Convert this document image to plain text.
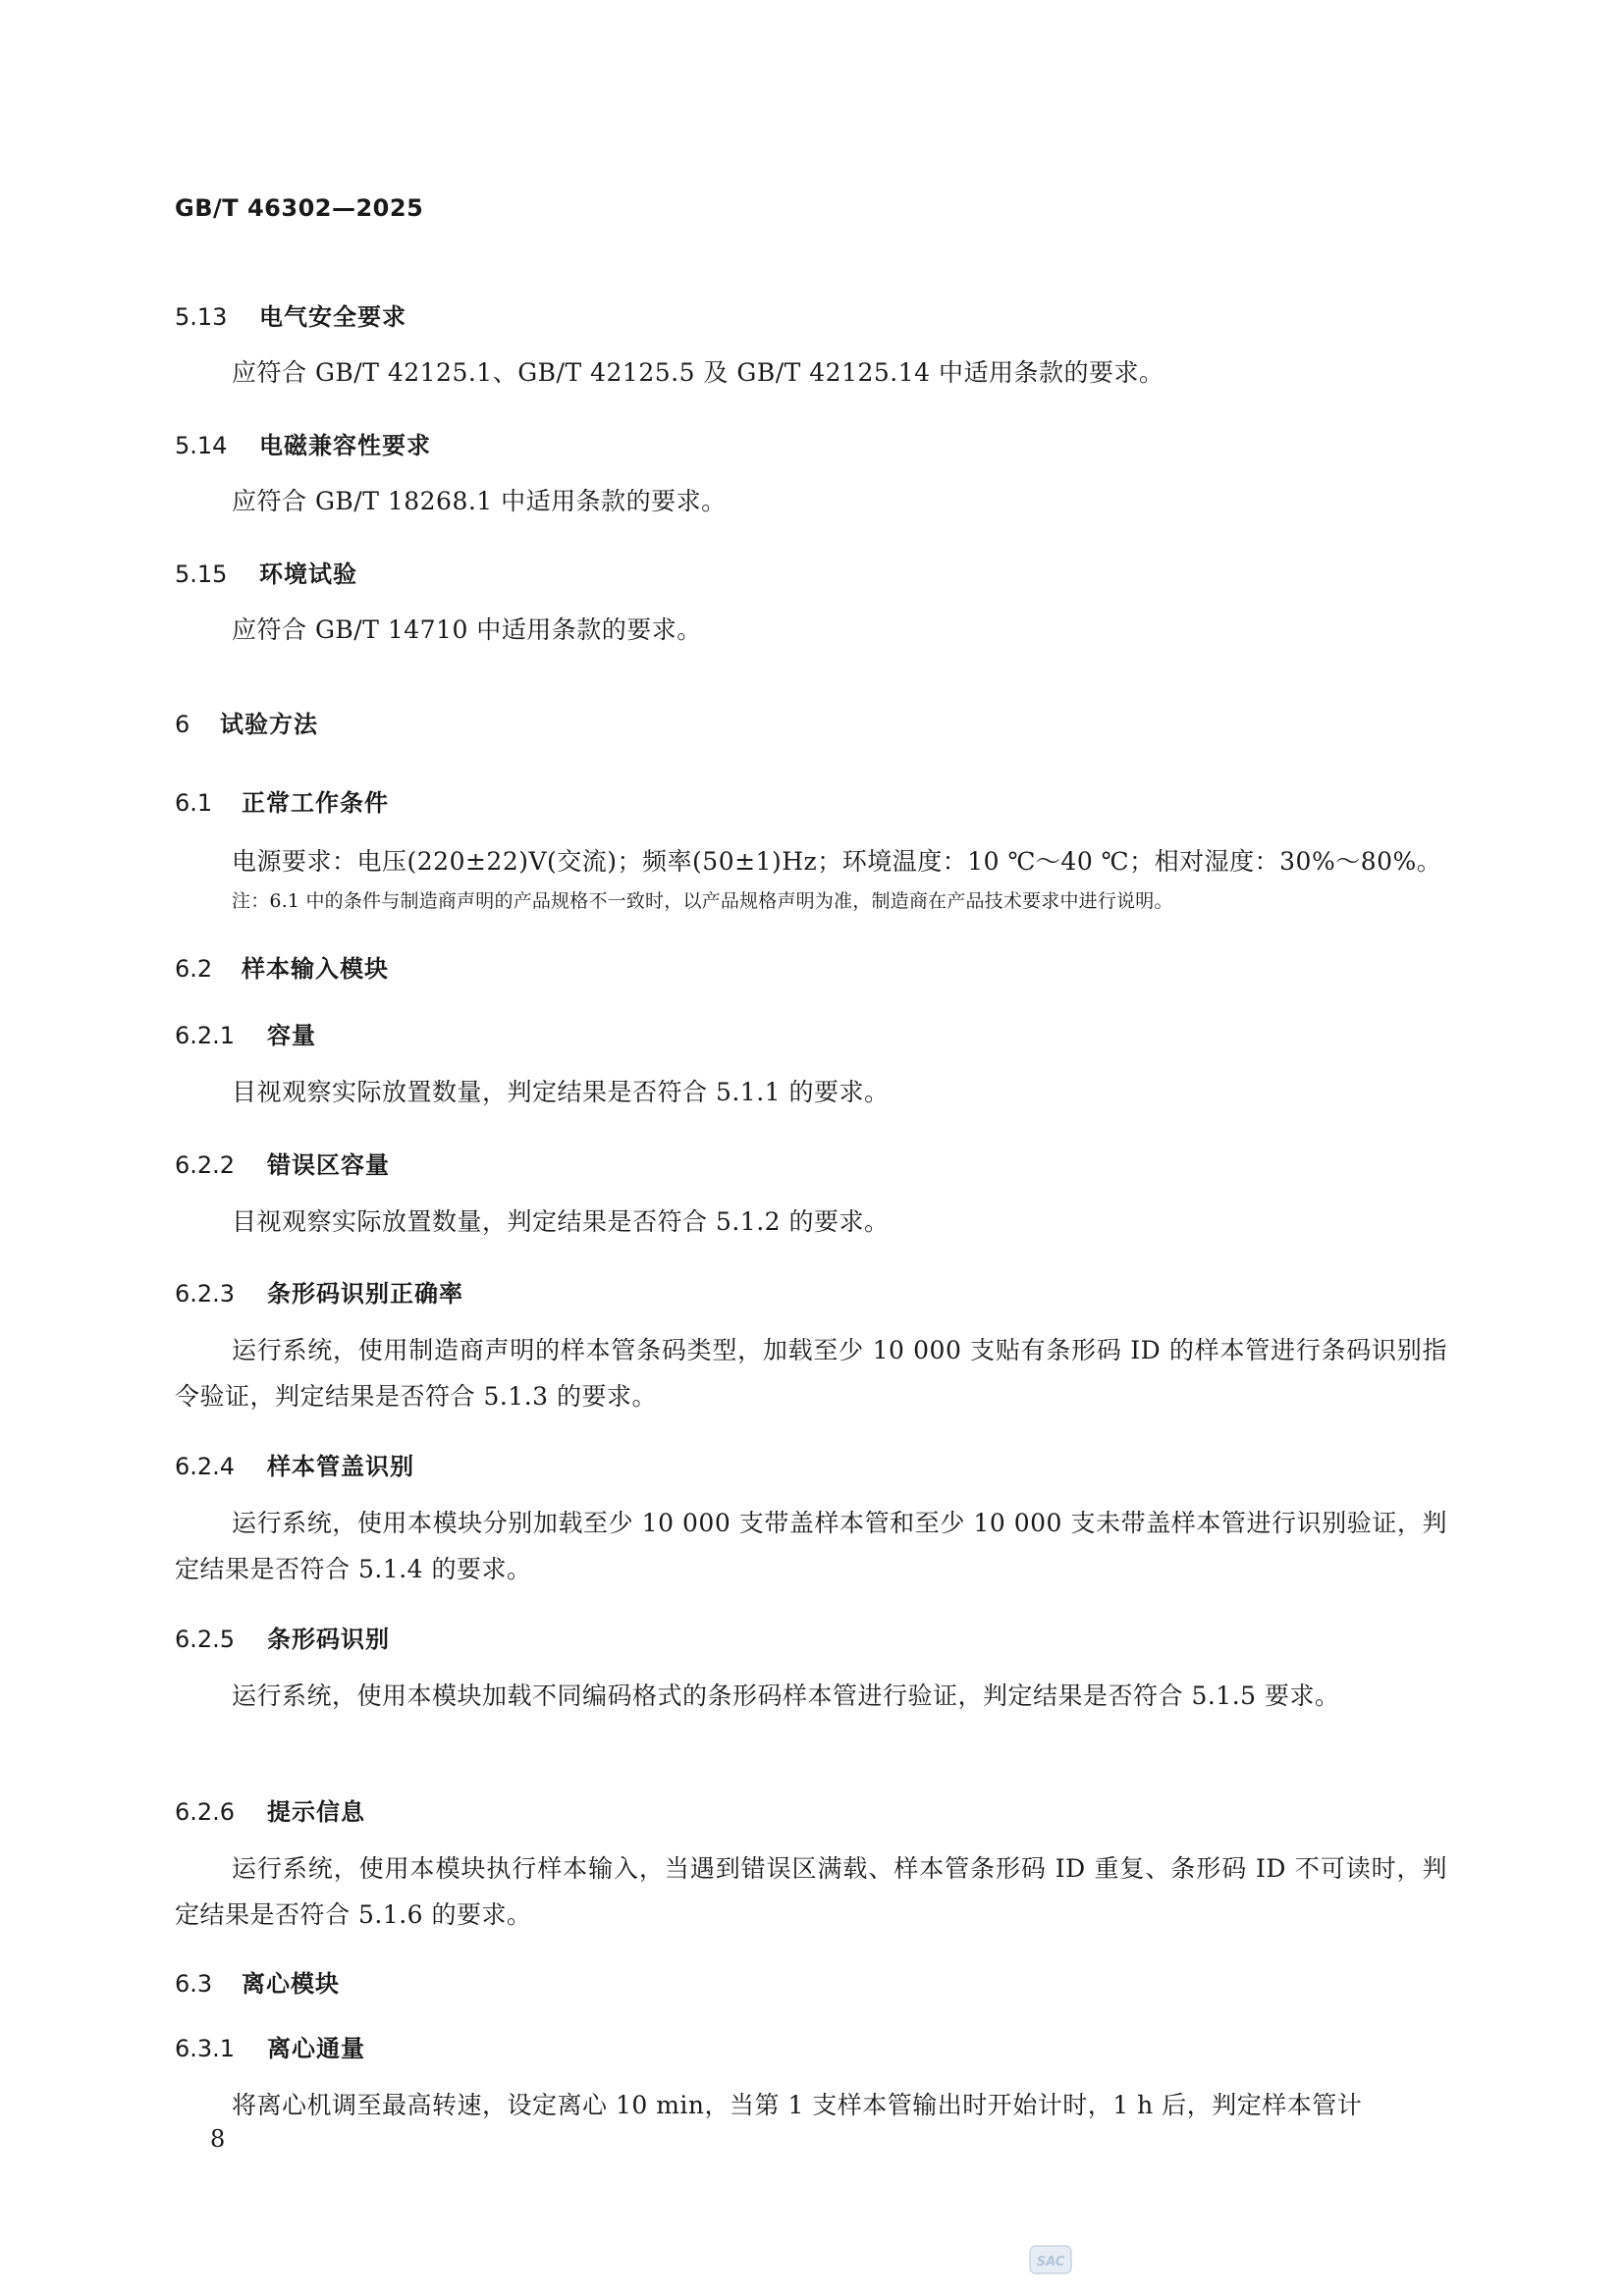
GB/T 46302—2025
5.13 电气安全要求
应符合 GB/T 42125.1、GB/T 42125.5 及 GB/T 42125.14 中适用条款的要求。
5.14 电磁兼容性要求
应符合 GB/T 18268.1 中适用条款的要求。
5.15 环境试验
应符合 GB/T 14710 中适用条款的要求。
6 试验方法
6.1 正常工作条件
电源要求：电压(220±22)V(交流)；频率(50±1)Hz；环境温度：10 ℃～40 ℃；相对湿度：30%～80%。
注：6.1 中的条件与制造商声明的产品规格不一致时，以产品规格声明为准，制造商在产品技术要求中进行说明。
6.2 样本输入模块
6.2.1 容量
目视观察实际放置数量，判定结果是否符合 5.1.1 的要求。
6.2.2 错误区容量
目视观察实际放置数量，判定结果是否符合 5.1.2 的要求。
6.2.3 条形码识别正确率
运行系统，使用制造商声明的样本管条码类型，加载至少 10 000 支贴有条形码 ID 的样本管进行条码识别指令验证，判定结果是否符合 5.1.3 的要求。
6.2.4 样本管盖识别
运行系统，使用本模块分别加载至少 10 000 支带盖样本管和至少 10 000 支未带盖样本管进行识别验证，判定结果是否符合 5.1.4 的要求。
6.2.5 条形码识别
运行系统，使用本模块加载不同编码格式的条形码样本管进行验证，判定结果是否符合 5.1.5 要求。
6.2.6 提示信息
运行系统，使用本模块执行样本输入，当遇到错误区满载、样本管条形码 ID 重复、条形码 ID 不可读时，判定结果是否符合 5.1.6 的要求。
6.3 离心模块
6.3.1 离心通量
将离心机调至最高转速，设定离心 10 min，当第 1 支样本管输出时开始计时，1 h 后，判定样本管计
8
SAC
